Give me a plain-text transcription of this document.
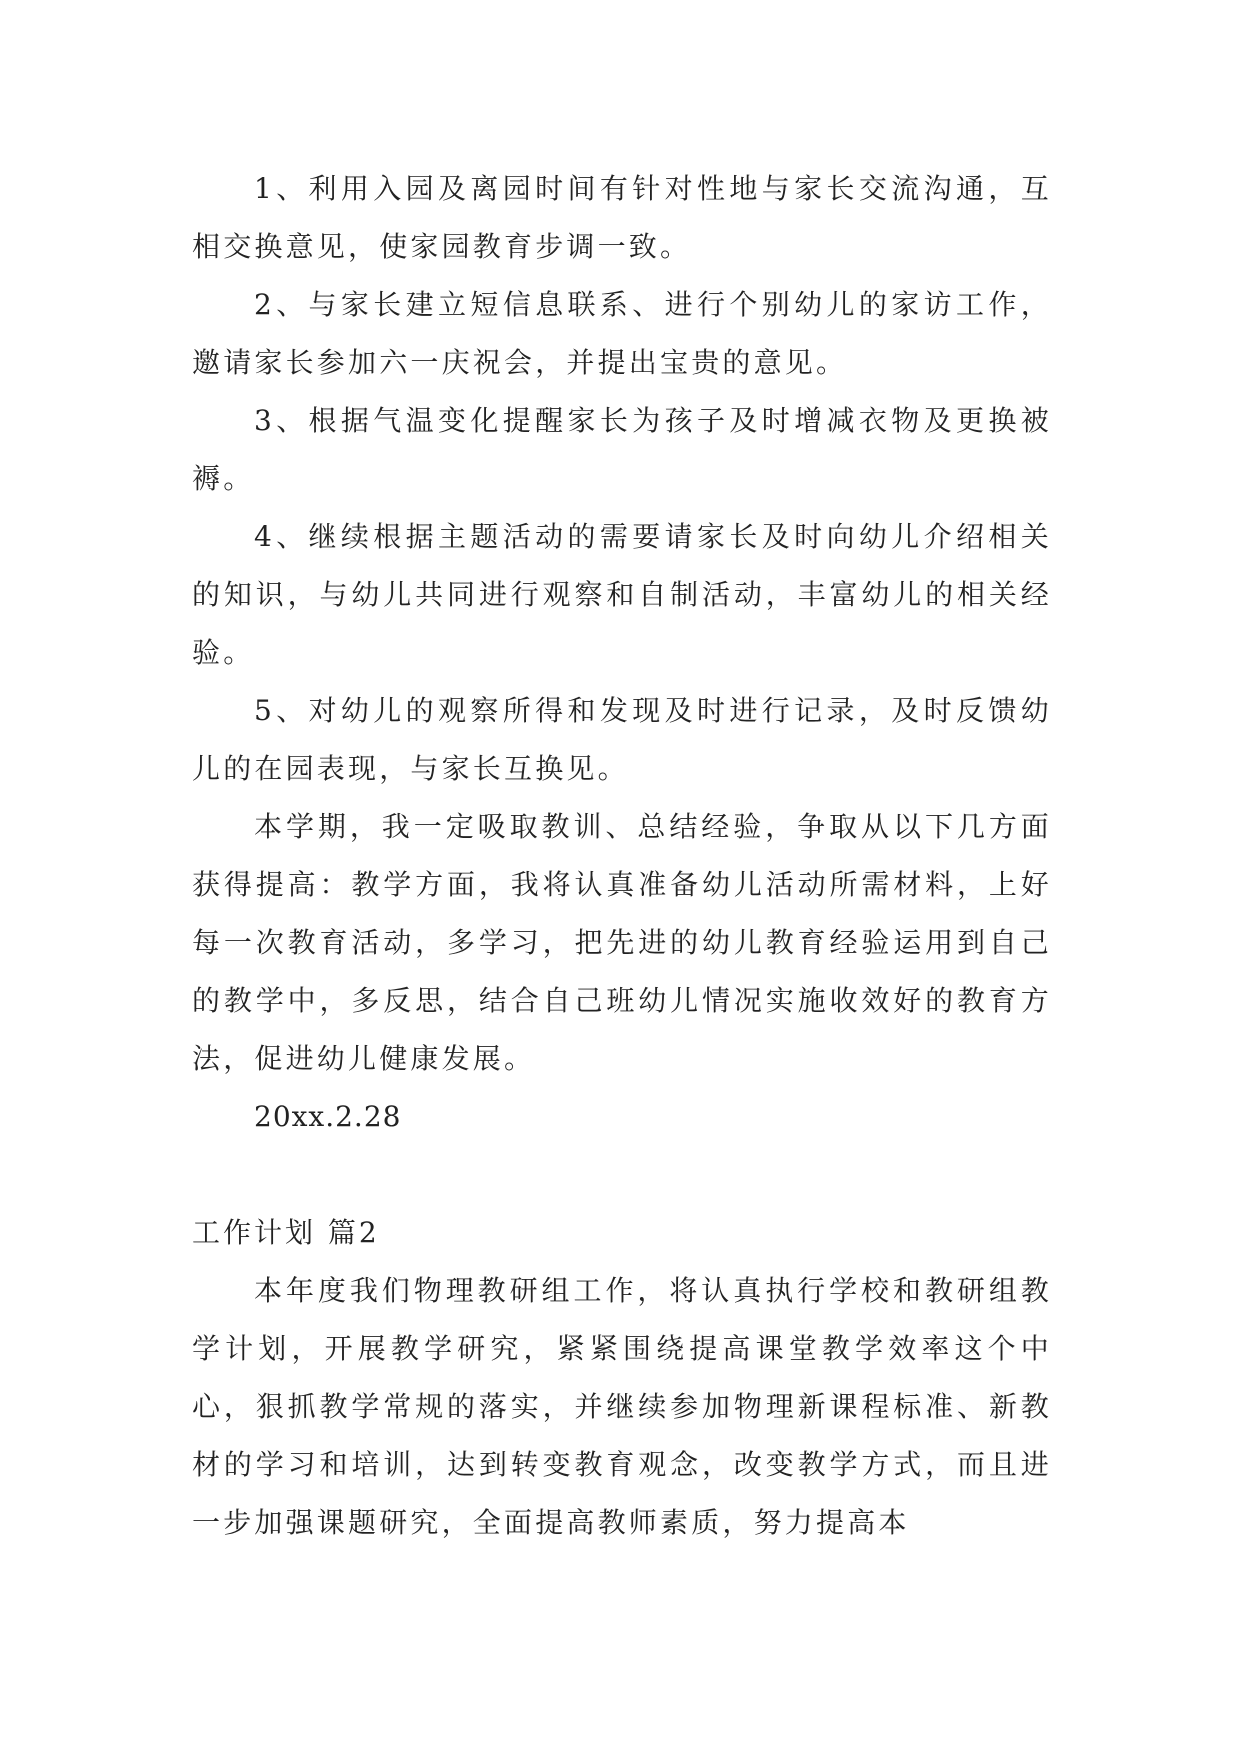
1、利用入园及离园时间有针对性地与家长交流沟通，互相交换意见，使家园教育步调一致。

2、与家长建立短信息联系、进行个别幼儿的家访工作，邀请家长参加六一庆祝会，并提出宝贵的意见。

3、根据气温变化提醒家长为孩子及时增减衣物及更换被褥。

4、继续根据主题活动的需要请家长及时向幼儿介绍相关的知识，与幼儿共同进行观察和自制活动，丰富幼儿的相关经验。

5、对幼儿的观察所得和发现及时进行记录，及时反馈幼儿的在园表现，与家长互换见。

本学期，我一定吸取教训、总结经验，争取从以下几方面获得提高：教学方面，我将认真准备幼儿活动所需材料，上好每一次教育活动，多学习，把先进的幼儿教育经验运用到自己的教学中，多反思，结合自己班幼儿情况实施收效好的教育方法，促进幼儿健康发展。

20xx.2.28

工作计划 篇2

本年度我们物理教研组工作，将认真执行学校和教研组教学计划，开展教学研究，紧紧围绕提高课堂教学效率这个中心，狠抓教学常规的落实，并继续参加物理新课程标准、新教材的学习和培训，达到转变教育观念，改变教学方式，而且进一步加强课题研究，全面提高教师素质，努力提高本
